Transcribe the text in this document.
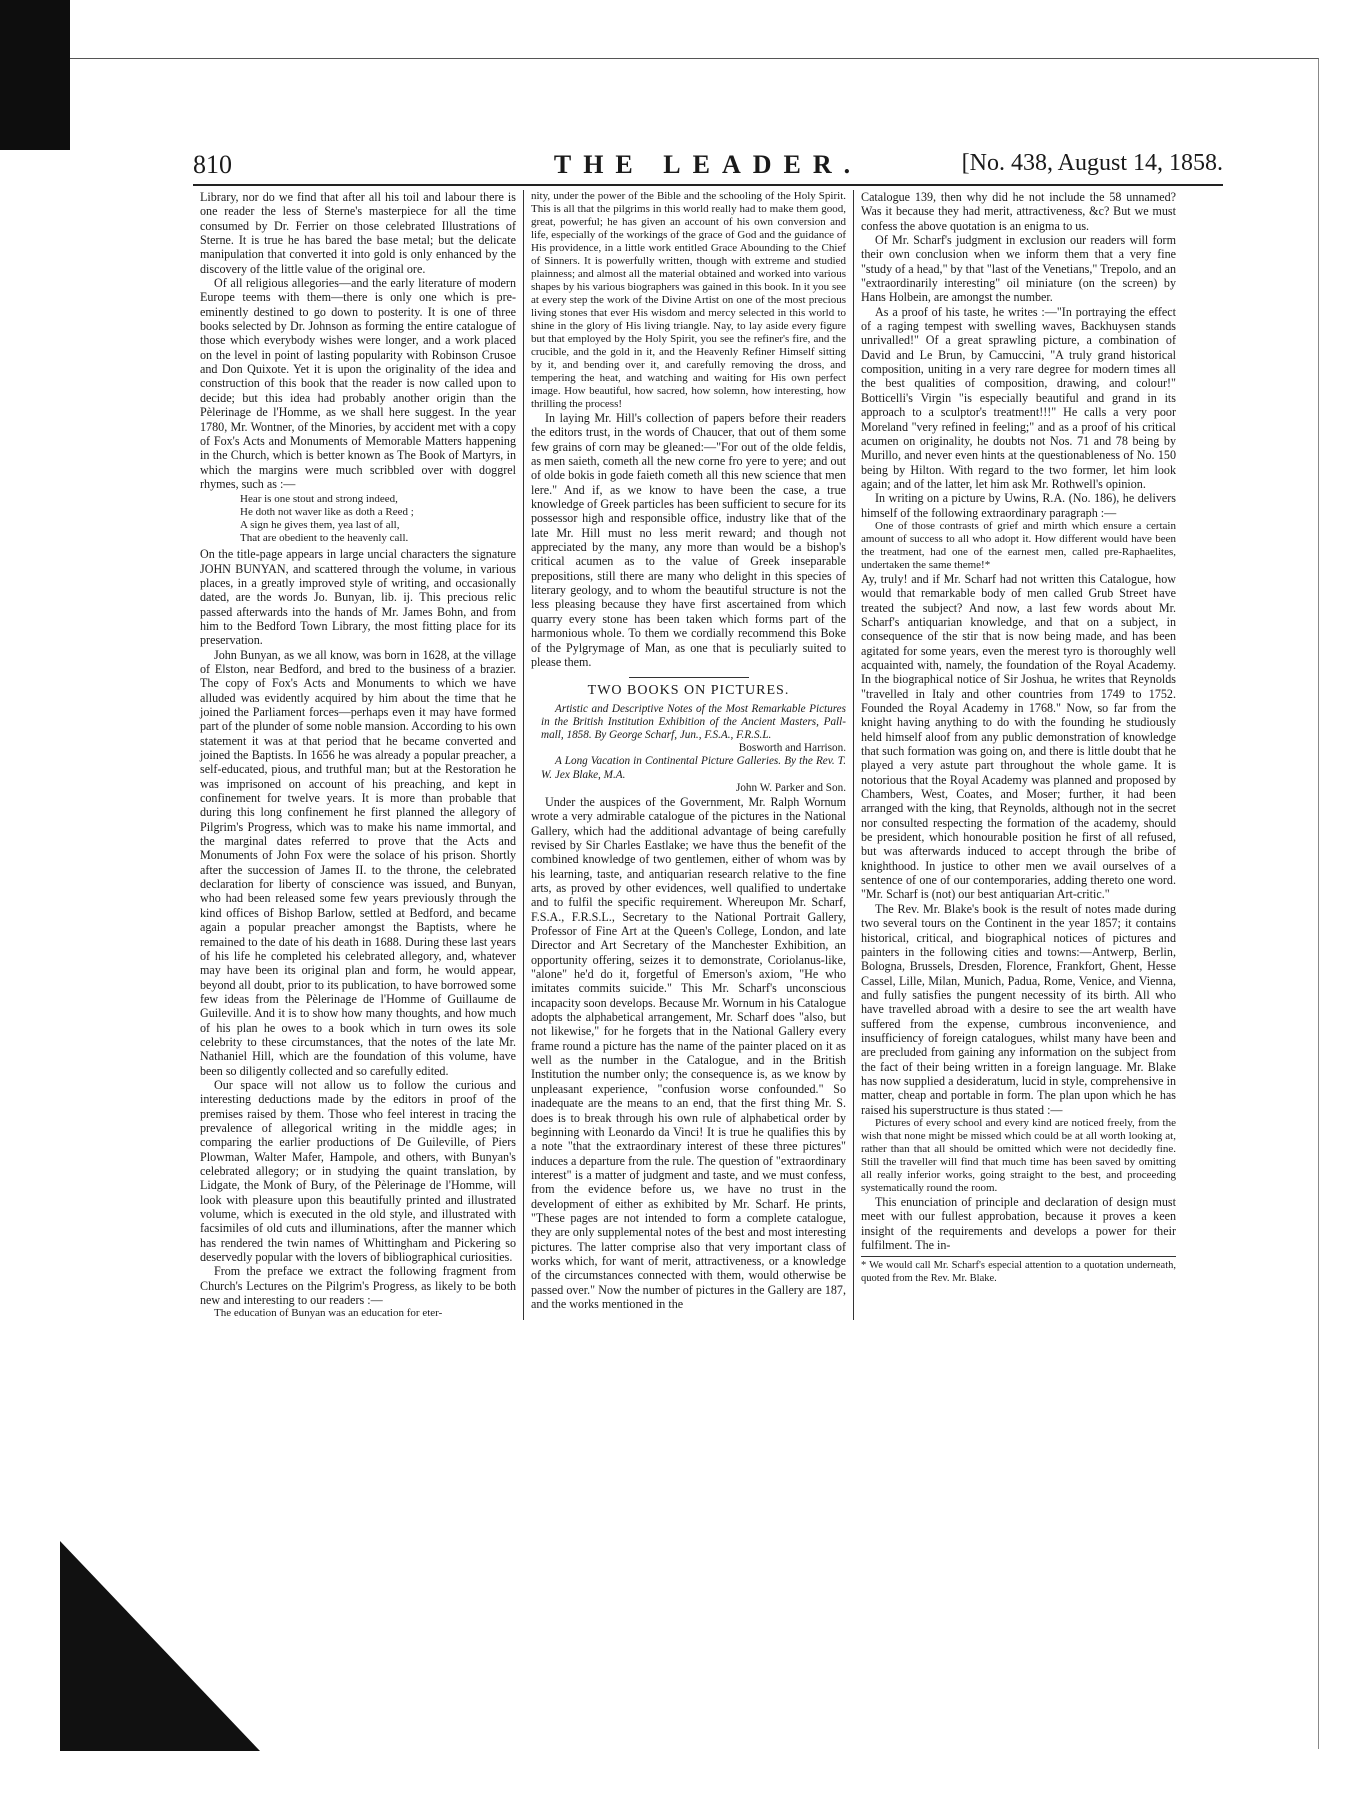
810	THE LEADER.	[No. 438, August 14, 1858.

Library, nor do we find that after all his toil and labour there is one reader the less of Sterne's masterpiece for all the time consumed by Dr. Ferrier on those celebrated Illustrations of Sterne. It is true he has bared the base metal; but the delicate manipulation that converted it into gold is only enhanced by the discovery of the little value of the original ore.

Of all religious allegories—and the early literature of modern Europe teems with them—there is only one which is pre-eminently destined to go down to posterity. It is one of three books selected by Dr. Johnson as forming the entire catalogue of those which everybody wishes were longer, and a work placed on the level in point of lasting popularity with Robinson Crusoe and Don Quixote. Yet it is upon the originality of the idea and construction of this book that the reader is now called upon to decide; but this idea had probably another origin than the Pèlerinage de l'Homme, as we shall here suggest. In the year 1780, Mr. Wontner, of the Minories, by accident met with a copy of Fox's Acts and Monuments of Memorable Matters happening in the Church, which is better known as The Book of Martyrs, in which the margins were much scribbled over with doggrel rhymes, such as :—

Hear is one stout and strong indeed,
He doth not waver like as doth a Reed ;
A sign he gives them, yea last of all,
That are obedient to the heavenly call.

On the title-page appears in large uncial characters the signature JOHN BUNYAN, and scattered through the volume, in various places, in a greatly improved style of writing, and occasionally dated, are the words Jo. Bunyan, lib. ij. This precious relic passed afterwards into the hands of Mr. James Bohn, and from him to the Bedford Town Library, the most fitting place for its preservation.

John Bunyan, as we all know, was born in 1628, at the village of Elston, near Bedford, and bred to the business of a brazier. The copy of Fox's Acts and Monuments to which we have alluded was evidently acquired by him about the time that he joined the Parliament forces—perhaps even it may have formed part of the plunder of some noble mansion. According to his own statement it was at that period that he became converted and joined the Baptists. In 1656 he was already a popular preacher, a self-educated, pious, and truthful man; but at the Restoration he was imprisoned on account of his preaching, and kept in confinement for twelve years. It is more than probable that during this long confinement he first planned the allegory of Pilgrim's Progress, which was to make his name immortal, and the marginal dates referred to prove that the Acts and Monuments of John Fox were the solace of his prison. Shortly after the succession of James II. to the throne, the celebrated declaration for liberty of conscience was issued, and Bunyan, who had been released some few years previously through the kind offices of Bishop Barlow, settled at Bedford, and became again a popular preacher amongst the Baptists, where he remained to the date of his death in 1688. During these last years of his life he completed his celebrated allegory, and, whatever may have been its original plan and form, he would appear, beyond all doubt, prior to its publication, to have borrowed some few ideas from the Pèlerinage de l'Homme of Guillaume de Guileville. And it is to show how many thoughts, and how much of his plan he owes to a book which in turn owes its sole celebrity to these circumstances, that the notes of the late Mr. Nathaniel Hill, which are the foundation of this volume, have been so diligently collected and so carefully edited.

Our space will not allow us to follow the curious and interesting deductions made by the editors in proof of the premises raised by them. Those who feel interest in tracing the prevalence of allegorical writing in the middle ages; in comparing the earlier productions of De Guileville, of Piers Plowman, Walter Mafer, Hampole, and others, with Bunyan's celebrated allegory; or in studying the quaint translation, by Lidgate, the Monk of Bury, of the Pèlerinage de l'Homme, will look with pleasure upon this beautifully printed and illustrated volume, which is executed in the old style, and illustrated with facsimiles of old cuts and illuminations, after the manner which has rendered the twin names of Whittingham and Pickering so deservedly popular with the lovers of bibliographical curiosities.

From the preface we extract the following fragment from Church's Lectures on the Pilgrim's Progress, as likely to be both new and interesting to our readers :—

The education of Bunyan was an education for eter-

nity, under the power of the Bible and the schooling of the Holy Spirit. This is all that the pilgrims in this world really had to make them good, great, powerful; he has given an account of his own conversion and life, especially of the workings of the grace of God and the guidance of His providence, in a little work entitled Grace Abounding to the Chief of Sinners. It is powerfully written, though with extreme and studied plainness; and almost all the material obtained and worked into various shapes by his various biographers was gained in this book. In it you see at every step the work of the Divine Artist on one of the most precious living stones that ever His wisdom and mercy selected in this world to shine in the glory of His living triangle. Nay, to lay aside every figure but that employed by the Holy Spirit, you see the refiner's fire, and the crucible, and the gold in it, and the Heavenly Refiner Himself sitting by it, and bending over it, and carefully removing the dross, and tempering the heat, and watching and waiting for His own perfect image. How beautiful, how sacred, how solemn, how interesting, how thrilling the process!

In laying Mr. Hill's collection of papers before their readers the editors trust, in the words of Chaucer, that out of them some few grains of corn may be gleaned:—"For out of the olde feldis, as men saieth, cometh all the new corne fro yere to yere; and out of olde bokis in gode faieth cometh all this new science that men lere." And if, as we know to have been the case, a true knowledge of Greek particles has been sufficient to secure for its possessor high and responsible office, industry like that of the late Mr. Hill must no less merit reward; and though not appreciated by the many, any more than would be a bishop's critical acumen as to the value of Greek inseparable prepositions, still there are many who delight in this species of literary geology, and to whom the beautiful structure is not the less pleasing because they have first ascertained from which quarry every stone has been taken which forms part of the harmonious whole. To them we cordially recommend this Boke of the Pylgrymage of Man, as one that is peculiarly suited to please them.

TWO BOOKS ON PICTURES.

Artistic and Descriptive Notes of the Most Remarkable Pictures in the British Institution Exhibition of the Ancient Masters, Pall-mall, 1858. By George Scharf, Jun., F.S.A., F.R.S.L.

Bosworth and Harrison.

A Long Vacation in Continental Picture Galleries. By the Rev. T. W. Jex Blake, M.A.

John W. Parker and Son.

Under the auspices of the Government, Mr. Ralph Wornum wrote a very admirable catalogue of the pictures in the National Gallery, which had the additional advantage of being carefully revised by Sir Charles Eastlake; we have thus the benefit of the combined knowledge of two gentlemen, either of whom was by his learning, taste, and antiquarian research relative to the fine arts, as proved by other evidences, well qualified to undertake and to fulfil the specific requirement. Whereupon Mr. Scharf, F.S.A., F.R.S.L., Secretary to the National Portrait Gallery, Professor of Fine Art at the Queen's College, London, and late Director and Art Secretary of the Manchester Exhibition, an opportunity offering, seizes it to demonstrate, Coriolanus-like, "alone" he'd do it, forgetful of Emerson's axiom, "He who imitates commits suicide." This Mr. Scharf's unconscious incapacity soon develops. Because Mr. Wornum in his Catalogue adopts the alphabetical arrangement, Mr. Scharf does "also, but not likewise," for he forgets that in the National Gallery every frame round a picture has the name of the painter placed on it as well as the number in the Catalogue, and in the British Institution the number only; the consequence is, as we know by unpleasant experience, "confusion worse confounded." So inadequate are the means to an end, that the first thing Mr. S. does is to break through his own rule of alphabetical order by beginning with Leonardo da Vinci! It is true he qualifies this by a note "that the extraordinary interest of these three pictures" induces a departure from the rule. The question of "extraordinary interest" is a matter of judgment and taste, and we must confess, from the evidence before us, we have no trust in the development of either as exhibited by Mr. Scharf. He prints, "These pages are not intended to form a complete catalogue, they are only supplemental notes of the best and most interesting pictures. The latter comprise also that very important class of works which, for want of merit, attractiveness, or a knowledge of the circumstances connected with them, would otherwise be passed over." Now the number of pictures in the Gallery are 187, and the works mentioned in the

Catalogue 139, then why did he not include the 58 unnamed? Was it because they had merit, attractiveness, &c? But we must confess the above quotation is an enigma to us.

Of Mr. Scharf's judgment in exclusion our readers will form their own conclusion when we inform them that a very fine "study of a head," by that "last of the Venetians," Trepolo, and an "extraordinarily interesting" oil miniature (on the screen) by Hans Holbein, are amongst the number.

As a proof of his taste, he writes :—"In portraying the effect of a raging tempest with swelling waves, Backhuysen stands unrivalled!" Of a great sprawling picture, a combination of David and Le Brun, by Camuccini, "A truly grand historical composition, uniting in a very rare degree for modern times all the best qualities of composition, drawing, and colour!" Botticelli's Virgin "is especially beautiful and grand in its approach to a sculptor's treatment!!!" He calls a very poor Moreland "very refined in feeling;" and as a proof of his critical acumen on originality, he doubts not Nos. 71 and 78 being by Murillo, and never even hints at the questionableness of No. 150 being by Hilton. With regard to the two former, let him look again; and of the latter, let him ask Mr. Rothwell's opinion.

In writing on a picture by Uwins, R.A. (No. 186), he delivers himself of the following extraordinary paragraph :—

One of those contrasts of grief and mirth which ensure a certain amount of success to all who adopt it. How different would have been the treatment, had one of the earnest men, called pre-Raphaelites, undertaken the same theme!*

Ay, truly! and if Mr. Scharf had not written this Catalogue, how would that remarkable body of men called Grub Street have treated the subject? And now, a last few words about Mr. Scharf's antiquarian knowledge, and that on a subject, in consequence of the stir that is now being made, and has been agitated for some years, even the merest tyro is thoroughly well acquainted with, namely, the foundation of the Royal Academy. In the biographical notice of Sir Joshua, he writes that Reynolds "travelled in Italy and other countries from 1749 to 1752. Founded the Royal Academy in 1768." Now, so far from the knight having anything to do with the founding he studiously held himself aloof from any public demonstration of knowledge that such formation was going on, and there is little doubt that he played a very astute part throughout the whole game. It is notorious that the Royal Academy was planned and proposed by Chambers, West, Coates, and Moser; further, it had been arranged with the king, that Reynolds, although not in the secret nor consulted respecting the formation of the academy, should be president, which honourable position he first of all refused, but was afterwards induced to accept through the bribe of knighthood. In justice to other men we avail ourselves of a sentence of one of our contemporaries, adding thereto one word. "Mr. Scharf is (not) our best antiquarian Art-critic."

The Rev. Mr. Blake's book is the result of notes made during two several tours on the Continent in the year 1857; it contains historical, critical, and biographical notices of pictures and painters in the following cities and towns:—Antwerp, Berlin, Bologna, Brussels, Dresden, Florence, Frankfort, Ghent, Hesse Cassel, Lille, Milan, Munich, Padua, Rome, Venice, and Vienna, and fully satisfies the pungent necessity of its birth. All who have travelled abroad with a desire to see the art wealth have suffered from the expense, cumbrous inconvenience, and insufficiency of foreign catalogues, whilst many have been and are precluded from gaining any information on the subject from the fact of their being written in a foreign language. Mr. Blake has now supplied a desideratum, lucid in style, comprehensive in matter, cheap and portable in form. The plan upon which he has raised his superstructure is thus stated :—

Pictures of every school and every kind are noticed freely, from the wish that none might be missed which could be at all worth looking at, rather than that all should be omitted which were not decidedly fine. Still the traveller will find that much time has been saved by omitting all really inferior works, going straight to the best, and proceeding systematically round the room.

This enunciation of principle and declaration of design must meet with our fullest approbation, because it proves a keen insight of the requirements and develops a power for their fulfilment. The in-

* We would call Mr. Scharf's especial attention to a quotation underneath, quoted from the Rev. Mr. Blake.
